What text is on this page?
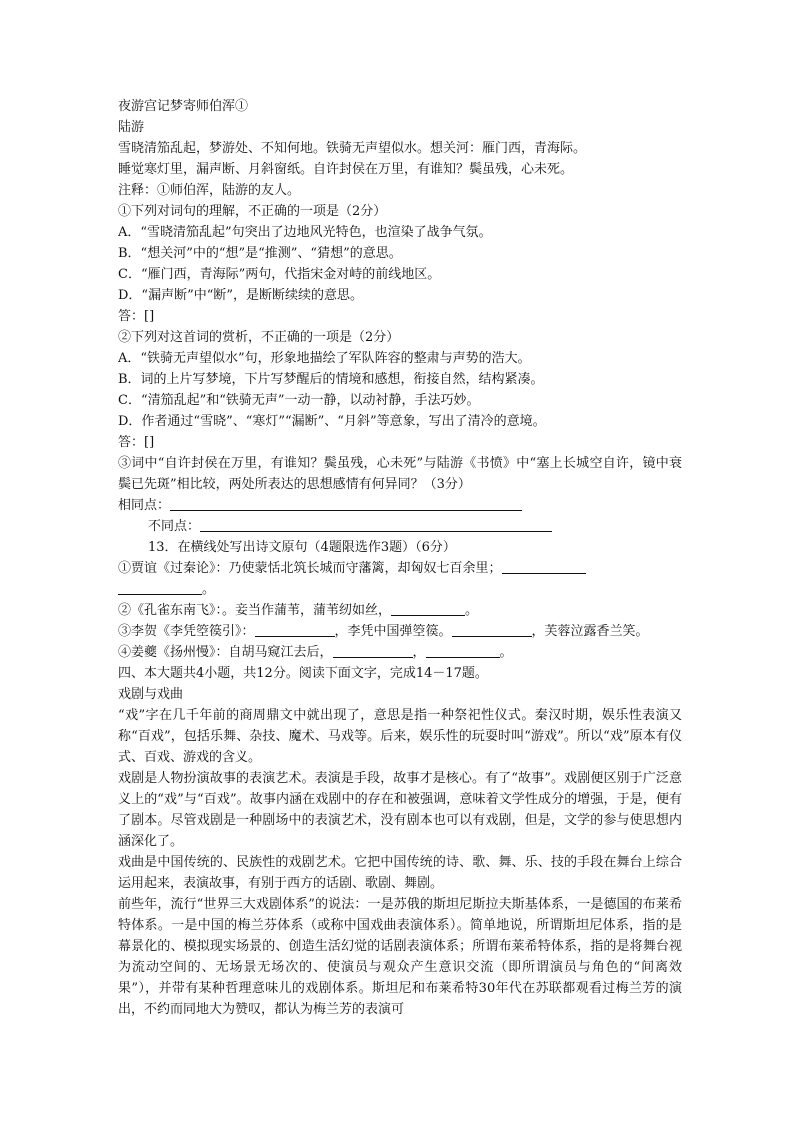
夜游宫记梦寄师伯浑①
陆游
雪晓清笳乱起，梦游处、不知何地。铁骑无声望似水。想关河：雁门西，青海际。
睡觉寒灯里，漏声断、月斜窗纸。自许封侯在万里，有谁知？鬓虽残，心未死。
注释：①师伯浑，陆游的友人。
①下列对词句的理解，不正确的一项是（2分）
A．“雪晓清笳乱起”句突出了边地风光特色，也渲染了战争气氛。
B．“想关河”中的“想”是“推测”、“猜想”的意思。
C．“雁门西，青海际”两句，代指宋金对峙的前线地区。
D．“漏声断”中“断”，是断断续续的意思。
答：[]
②下列对这首词的赏析，不正确的一项是（2分）
A．“铁骑无声望似水”句，形象地描绘了军队阵容的整肃与声势的浩大。
B．词的上片写梦境，下片写梦醒后的情境和感想，衔接自然，结构紧凑。
C．“清笳乱起”和“铁骑无声”一动一静，以动衬静，手法巧妙。
D．作者通过“雪晓”、“寒灯”“漏断”、“月斜”等意象，写出了清冷的意境。
答：[]
③词中“自许封侯在万里，有谁知？鬓虽残，心未死”与陆游《书愤》中“塞上长城空自许，镜中衰鬓已先斑”相比较，两处所表达的思想感情有何异同？（3分）
相同点：
不同点：
13．在横线处写出诗文原句（4题限选作3题）（6分）
①贾谊《过秦论》：乃使蒙恬北筑长城而守藩篱，却匈奴七百余里；
。
②《孔雀东南飞》：。妾当作蒲苇，蒲苇纫如丝，	。
③李贺《李凭箜篌引》：	，李凭中国弹箜篌。	，芙蓉泣露香兰笑。
④姜夔《扬州慢》：自胡马窥江去后，	，	。
四、本大题共4小题，共12分。阅读下面文字，完成14－17题。
戏剧与戏曲
“戏”字在几千年前的商周鼎文中就出现了，意思是指一种祭祀性仪式。秦汉时期，娱乐性表演又称“百戏”，包括乐舞、杂技、魔术、马戏等。后来，娱乐性的玩耍时叫“游戏”。所以“戏”原本有仪式、百戏、游戏的含义。
戏剧是人物扮演故事的表演艺术。表演是手段，故事才是核心。有了“故事”。戏剧便区别于广泛意义上的“戏”与“百戏”。故事内涵在戏剧中的存在和被强调，意味着文学性成分的增强，于是，便有了剧本。尽管戏剧是一种剧场中的表演艺术，没有剧本也可以有戏剧，但是，文学的参与使思想内涵深化了。
戏曲是中国传统的、民族性的戏剧艺术。它把中国传统的诗、歌、舞、乐、技的手段在舞台上综合运用起来，表演故事，有别于西方的话剧、歌剧、舞剧。
前些年，流行“世界三大戏剧体系”的说法：一是苏俄的斯坦尼斯拉夫斯基体系，一是德国的布莱希特体系。一是中国的梅兰芬体系（或称中国戏曲表演体系）。简单地说，所谓斯坦尼体系，指的是幕景化的、模拟现实场景的、创造生活幻觉的话剧表演体系；所谓布莱希特体系，指的是将舞台视为流动空间的、无场景无场次的、使演员与观众产生意识交流（即所谓演员与角色的“间离效果”），并带有某种哲理意味儿的戏剧体系。斯坦尼和布莱希特30年代在苏联都观看过梅兰芳的演出，不约而同地大为赞叹，都认为梅兰芳的表演可
